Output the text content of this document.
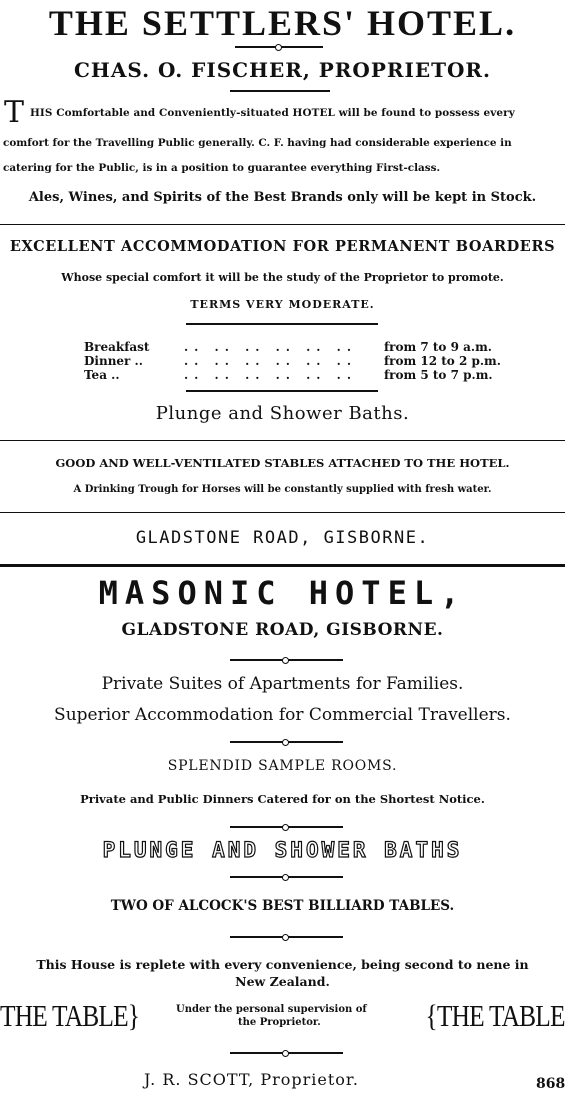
THE SETTLERS' HOTEL.
CHAS. O. FISCHER, PROPRIETOR.
T HIS Comfortable and Conveniently-situated HOTEL will be found to possess every
comfort for the Travelling Public generally. C. F. having had considerable experience in
catering for the Public, is in a position to guarantee everything First-class.
Ales, Wines, and Spirits of the Best Brands only will be kept in Stock.
EXCELLENT ACCOMMODATION FOR PERMANENT BOARDERS
Whose special comfort it will be the study of the Proprietor to promote.
TERMS VERY MODERATE.
Breakfast	.. .. .. .. .. ..	from 7 to 9 a.m.
Dinner ..	.. .. .. .. .. ..	from 12 to 2 p.m.
Tea ..	.. .. .. .. .. ..	from 5 to 7 p.m.
Plunge and Shower Baths.
GOOD AND WELL-VENTILATED STABLES ATTACHED TO THE HOTEL.
A Drinking Trough for Horses will be constantly supplied with fresh water.
GLADSTONE ROAD, GISBORNE.
MASONIC HOTEL,
GLADSTONE ROAD, GISBORNE.
Private Suites of Apartments for Families.
Superior Accommodation for Commercial Travellers.
SPLENDID SAMPLE ROOMS.
Private and Public Dinners Catered for on the Shortest Notice.
PLUNGE AND SHOWER BATHS
TWO OF ALCOCK'S BEST BILLIARD TABLES.
This House is replete with every convenience, being second to nene in
New Zealand.
THE TABLE}	Under the personal supervision of
the Proprietor.	{THE TABLE
J. R. SCOTT, Proprietor.	868
